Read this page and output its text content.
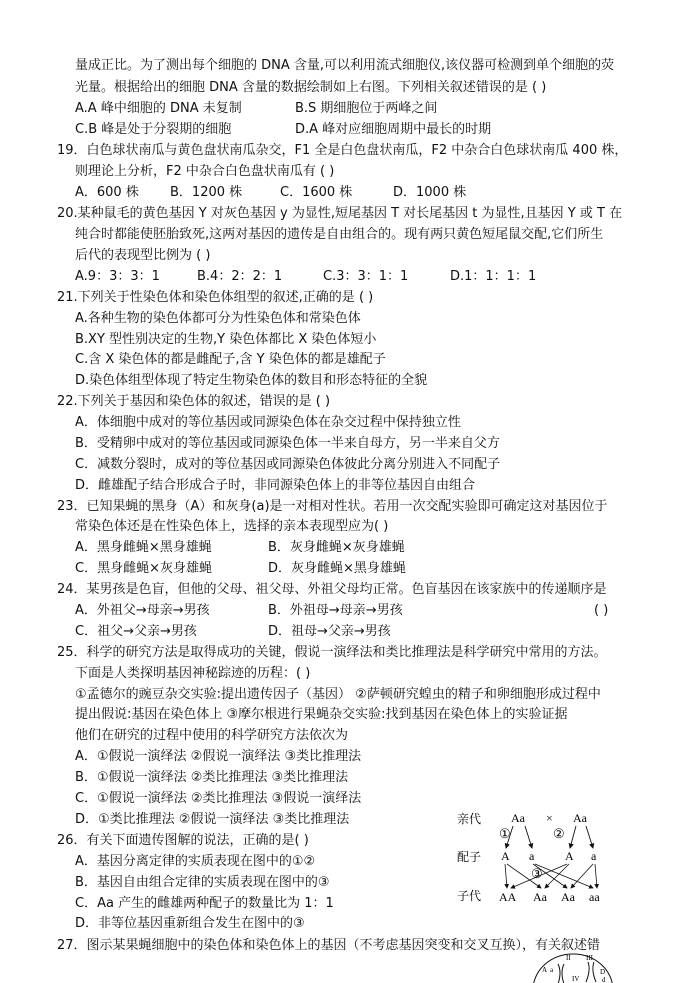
量成正比。为了测出每个细胞的 DNA 含量,可以利用流式细胞仪,该仪器可检测到单个细胞的荧
光量。根据给出的细胞 DNA 含量的数据绘制如上右图。下列相关叙述错误的是 ( )
A.A 峰中细胞的 DNA 未复制	B.S 期细胞位于两峰之间
C.B 峰是处于分裂期的细胞	D.A 峰对应细胞周期中最长的时期
19．白色球状南瓜与黄色盘状南瓜杂交，F1 全是白色盘状南瓜，F2 中杂合白色球状南瓜 400 株，
则理论上分析，F2 中杂合白色盘状南瓜有 ( )
A．600 株 B．1200 株	C．1600 株	D．1000 株
20.某种鼠毛的黄色基因 Y 对灰色基因 y 为显性,短尾基因 T 对长尾基因 t 为显性,且基因 Y 或 T 在
纯合时都能使胚胎致死,这两对基因的遗传是自由组合的。现有两只黄色短尾鼠交配,它们所生
后代的表现型比例为 ( )
A.9：3：3：1	B.4：2：2：1	C.3：3：1：1	D.1：1：1：1
21.下列关于性染色体和染色体组型的叙述,正确的是 ( )
A.各种生物的染色体都可分为性染色体和常染色体
B.XY 型性别决定的生物,Y 染色体都比 X 染色体短小
C.含 X 染色体的都是雌配子,含 Y 染色体的都是雄配子
D.染色体组型体现了特定生物染色体的数目和形态特征的全貌
22.下列关于基因和染色体的叙述，错误的是 ( )
A．体细胞中成对的等位基因或同源染色体在杂交过程中保持独立性
B．受精卵中成对的等位基因或同源染色体一半来自母方，另一半来自父方
C．减数分裂时，成对的等位基因或同源染色体彼此分离分别进入不同配子
D．雌雄配子结合形成合子时，非同源染色体上的非等位基因自由组合
23．已知果蝇的黑身（A）和灰身(a)是一对相对性状。若用一次交配实验即可确定这对基因位于
常染色体还是在性染色体上，选择的亲本表现型应为( )
A．黑身雌蝇×黑身雄蝇	B．灰身雌蝇×灰身雄蝇
C．黑身雌蝇×灰身雄蝇	D．灰身雌蝇×黑身雄蝇
24．某男孩是色盲，但他的父母、祖父母、外祖父母均正常。色盲基因在该家族中的传递顺序是
A．外祖父→母亲→男孩	B．外祖母→母亲→男孩	( )
C．祖父→父亲→男孩	D．祖母→父亲→男孩
25．科学的研究方法是取得成功的关键，假说一演绎法和类比推理法是科学研究中常用的方法。
下面是人类探明基因神秘踪迹的历程：( )
①孟德尔的豌豆杂交实验:提出遗传因子（基因） ②萨顿研究蝗虫的精子和卵细胞形成过程中
提出假说:基因在染色体上 ③摩尔根进行果蝇杂交实验:找到基因在染色体上的实验证据
他们在研究的过程中使用的科学研究方法依次为
A．①假说一演绎法 ②假说一演绎法 ③类比推理法
B．①假说一演绎法 ②类比推理法 ③类比推理法
C．①假说一演绎法 ②类比推理法 ③假说一演绎法
D．①类比推理法 ②假说一演绎法 ③类比推理法
26．有关下面遗传图解的说法，正确的是( )
A．基因分离定律的实质表现在图中的①②
B．基因自由组合定律的实质表现在图中的③
C．Aa 产生的雌雄两种配子的数量比为 1：1
D．非等位基因重新组合发生在图中的③
亲代
配子
子代
Aa × Aa
①	②
③
A a	A a
AA Aa Aa aa
27．图示某果蝇细胞中的染色体和染色体上的基因（不考虑基因突变和交叉互换），有关叙述错
II III
A a	D
IV	d
